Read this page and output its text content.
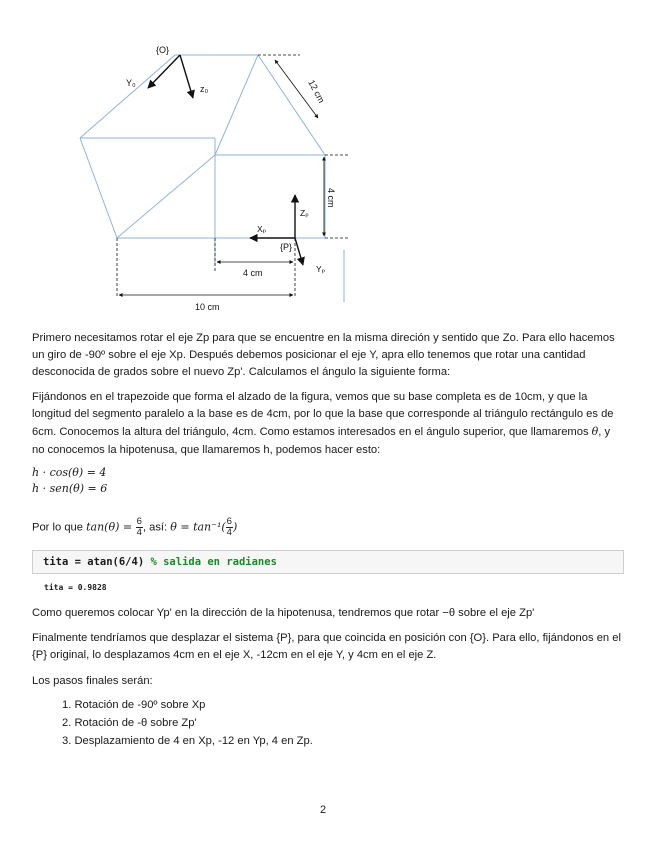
{O}
Y₀
z₀	12 cm
4 cm
Zₚ
Xₚ
{P}
Yₚ
4 cm
10 cm

Primero necesitamos rotar el eje Zp para que se encuentre en la misma direción y sentido que Zo. Para ello hacemos un giro de -90º sobre el eje Xp. Después debemos posicionar el eje Y, apra ello tenemos que rotar una cantidad desconocida de grados sobre el nuevo Zp'. Calculamos el ángulo la siguiente forma:

Fijándonos en el trapezoide que forma el alzado de la figura, vemos que su base completa es de 10cm, y que la longitud del segmento paralelo a la base es de 4cm, por lo que la base que corresponde al triángulo rectángulo es de 6cm. Conocemos la altura del triángulo, 4cm. Como estamos interesados en el ángulo superior, que llamaremos θ, y no conocemos la hipotenusa, que llamaremos h, podemos hacer esto:

h · cos(θ) = 4
h · sen(θ) = 6

Por lo que $\tan(\theta) = \frac{6}{4}$ , así: $\theta = \tan^{-1}( \frac{6}{4}$ )

tita = atan(6/4) % salida en radianes
tita = 0.9828

Como queremos colocar Yp' en la dirección de la hipotenusa, tendremos que rotar −θ sobre el eje Zp'

Finalmente tendríamos que desplazar el sistema {P}, para que coincida en posición con {O}. Para ello, fijándonos en el {P} original, lo desplazamos 4cm en el eje X, -12cm en el eje Y, y 4cm en el eje Z.

Los pasos finales serán:

1. Rotación de -90º sobre Xp
2. Rotación de -θ sobre Zp'
3. Desplazamiento de 4 en Xp, -12 en Yp, 4 en Zp.
2
